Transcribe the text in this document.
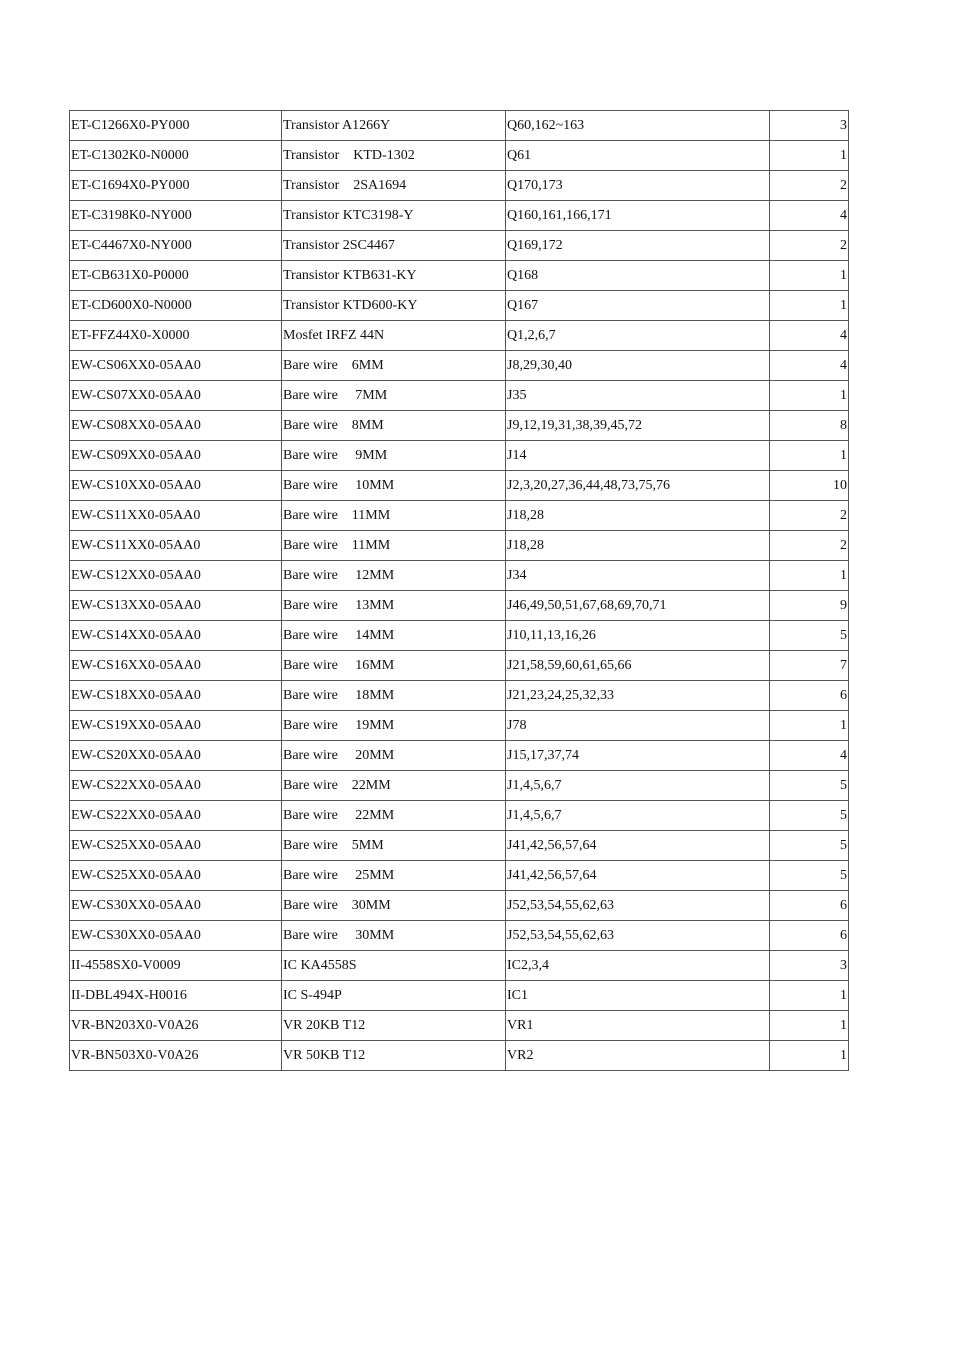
ET-C1266X0-PY000	Transistor A1266Y	Q60,162~163	3
ET-C1302K0-N0000	Transistor    KTD-1302	Q61	1
ET-C1694X0-PY000	Transistor    2SA1694	Q170,173	2
ET-C3198K0-NY000	Transistor KTC3198-Y	Q160,161,166,171	4
ET-C4467X0-NY000	Transistor 2SC4467	Q169,172	2
ET-CB631X0-P0000	Transistor KTB631-KY	Q168	1
ET-CD600X0-N0000	Transistor KTD600-KY	Q167	1
ET-FFZ44X0-X0000	Mosfet IRFZ 44N	Q1,2,6,7	4
EW-CS06XX0-05AA0	Bare wire    6MM	J8,29,30,40	4
EW-CS07XX0-05AA0	Bare wire     7MM	J35	1
EW-CS08XX0-05AA0	Bare wire    8MM	J9,12,19,31,38,39,45,72	8
EW-CS09XX0-05AA0	Bare wire     9MM	J14	1
EW-CS10XX0-05AA0	Bare wire     10MM	J2,3,20,27,36,44,48,73,75,76	10
EW-CS11XX0-05AA0	Bare wire    11MM	J18,28	2
EW-CS11XX0-05AA0	Bare wire    11MM	J18,28	2
EW-CS12XX0-05AA0	Bare wire     12MM	J34	1
EW-CS13XX0-05AA0	Bare wire     13MM	J46,49,50,51,67,68,69,70,71	9
EW-CS14XX0-05AA0	Bare wire     14MM	J10,11,13,16,26	5
EW-CS16XX0-05AA0	Bare wire     16MM	J21,58,59,60,61,65,66	7
EW-CS18XX0-05AA0	Bare wire     18MM	J21,23,24,25,32,33	6
EW-CS19XX0-05AA0	Bare wire     19MM	J78	1
EW-CS20XX0-05AA0	Bare wire     20MM	J15,17,37,74	4
EW-CS22XX0-05AA0	Bare wire    22MM	J1,4,5,6,7	5
EW-CS22XX0-05AA0	Bare wire     22MM	J1,4,5,6,7	5
EW-CS25XX0-05AA0	Bare wire    5MM	J41,42,56,57,64	5
EW-CS25XX0-05AA0	Bare wire     25MM	J41,42,56,57,64	5
EW-CS30XX0-05AA0	Bare wire    30MM	J52,53,54,55,62,63	6
EW-CS30XX0-05AA0	Bare wire     30MM	J52,53,54,55,62,63	6
II-4558SX0-V0009	IC KA4558S	IC2,3,4	3
II-DBL494X-H0016	IC S-494P	IC1	1
VR-BN203X0-V0A26	VR 20KB T12	VR1	1
VR-BN503X0-V0A26	VR 50KB T12	VR2	1
